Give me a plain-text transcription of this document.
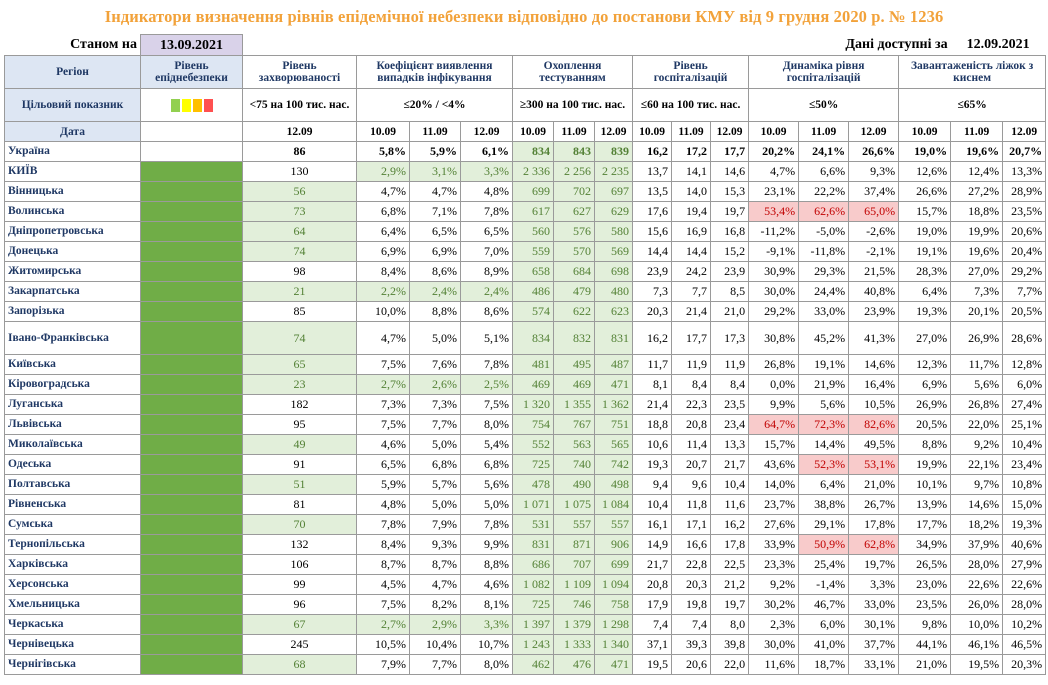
Індикатори визначення рівнів епідемічної небезпеки відповідно до постанови КМУ від 9 грудня 2020 р. № 1236
Станом на	13.09.2021											Дані доступні за				12.09.2021	
Регіон	Рівень епіднебезпеки	Рівень захворюваності	Коефіцієнт виявлення випадків інфікування			Охоплення тестуванням			Рівень госпіталізацій			Динаміка рівня госпіталізацій			Завантаженість ліжок з киснем		
Цільовий показник		<75 на 100 тис. нас.	≤20% / <4%			≥300 на 100 тис. нас.			≤60 на 100 тис. нас.			≤50%			≤65%		
Дата		12.09	10.09	11.09	12.09	10.09	11.09	12.09	10.09	11.09	12.09	10.09	11.09	12.09	10.09	11.09	12.09
Україна		86	5,8%	5,9%	6,1%	834	843	839	16,2	17,2	17,7	20,2%	24,1%	26,6%	19,0%	19,6%	20,7%
КИЇВ		130	2,9%	3,1%	3,3%	2 336	2 256	2 235	13,7	14,1	14,6	4,7%	6,6%	9,3%	12,6%	12,4%	13,3%
Вінницька		56	4,7%	4,7%	4,8%	699	702	697	13,5	14,0	15,3	23,1%	22,2%	37,4%	26,6%	27,2%	28,9%
Волинська		73	6,8%	7,1%	7,8%	617	627	629	17,6	19,4	19,7	53,4%	62,6%	65,0%	15,7%	18,8%	23,5%
Дніпропетровська		64	6,4%	6,5%	6,5%	560	576	580	15,6	16,9	16,8	-11,2%	-5,0%	-2,6%	19,0%	19,9%	20,6%
Донецька		74	6,9%	6,9%	7,0%	559	570	569	14,4	14,4	15,2	-9,1%	-11,8%	-2,1%	19,1%	19,6%	20,4%
Житомирська		98	8,4%	8,6%	8,9%	658	684	698	23,9	24,2	23,9	30,9%	29,3%	21,5%	28,3%	27,0%	29,2%
Закарпатська		21	2,2%	2,4%	2,4%	486	479	480	7,3	7,7	8,5	30,0%	24,4%	40,8%	6,4%	7,3%	7,7%
Запорізька		85	10,0%	8,8%	8,6%	574	622	623	20,3	21,4	21,0	29,2%	33,0%	23,9%	19,3%	20,1%	20,5%
Івано-Франківська		74	4,7%	5,0%	5,1%	834	832	831	16,2	17,7	17,3	30,8%	45,2%	41,3%	27,0%	26,9%	28,6%
Київська		65	7,5%	7,6%	7,8%	481	495	487	11,7	11,9	11,9	26,8%	19,1%	14,6%	12,3%	11,7%	12,8%
Кіровоградська		23	2,7%	2,6%	2,5%	469	469	471	8,1	8,4	8,4	0,0%	21,9%	16,4%	6,9%	5,6%	6,0%
Луганська		182	7,3%	7,3%	7,5%	1 320	1 355	1 362	21,4	22,3	23,5	9,9%	5,6%	10,5%	26,9%	26,8%	27,4%
Львівська		95	7,5%	7,7%	8,0%	754	767	751	18,8	20,8	23,4	64,7%	72,3%	82,6%	20,5%	22,0%	25,1%
Миколаївська		49	4,6%	5,0%	5,4%	552	563	565	10,6	11,4	13,3	15,7%	14,4%	49,5%	8,8%	9,2%	10,4%
Одеська		91	6,5%	6,8%	6,8%	725	740	742	19,3	20,7	21,7	43,6%	52,3%	53,1%	19,9%	22,1%	23,4%
Полтавська		51	5,9%	5,7%	5,6%	478	490	498	9,4	9,6	10,4	14,0%	6,4%	21,0%	10,1%	9,7%	10,8%
Рівненська		81	4,8%	5,0%	5,0%	1 071	1 075	1 084	10,4	11,8	11,6	23,7%	38,8%	26,7%	13,9%	14,6%	15,0%
Сумська		70	7,8%	7,9%	7,8%	531	557	557	16,1	17,1	16,2	27,6%	29,1%	17,8%	17,7%	18,2%	19,3%
Тернопільська		132	8,4%	9,3%	9,9%	831	871	906	14,9	16,6	17,8	33,9%	50,9%	62,8%	34,9%	37,9%	40,6%
Харківська		106	8,7%	8,7%	8,8%	686	707	699	21,7	22,8	22,5	23,3%	25,4%	19,7%	26,5%	28,0%	27,9%
Херсонська		99	4,5%	4,7%	4,6%	1 082	1 109	1 094	20,8	20,3	21,2	9,2%	-1,4%	3,3%	23,0%	22,6%	22,6%
Хмельницька		96	7,5%	8,2%	8,1%	725	746	758	17,9	19,8	19,7	30,2%	46,7%	33,0%	23,5%	26,0%	28,0%
Черкаська		67	2,7%	2,9%	3,3%	1 397	1 379	1 298	7,4	7,4	8,0	2,3%	6,0%	30,1%	9,8%	10,0%	10,2%
Чернівецька		245	10,5%	10,4%	10,7%	1 243	1 333	1 340	37,1	39,3	39,8	30,0%	41,0%	37,7%	44,1%	46,1%	46,5%
Чернігівська		68	7,9%	7,7%	8,0%	462	476	471	19,5	20,6	22,0	11,6%	18,7%	33,1%	21,0%	19,5%	20,3%
